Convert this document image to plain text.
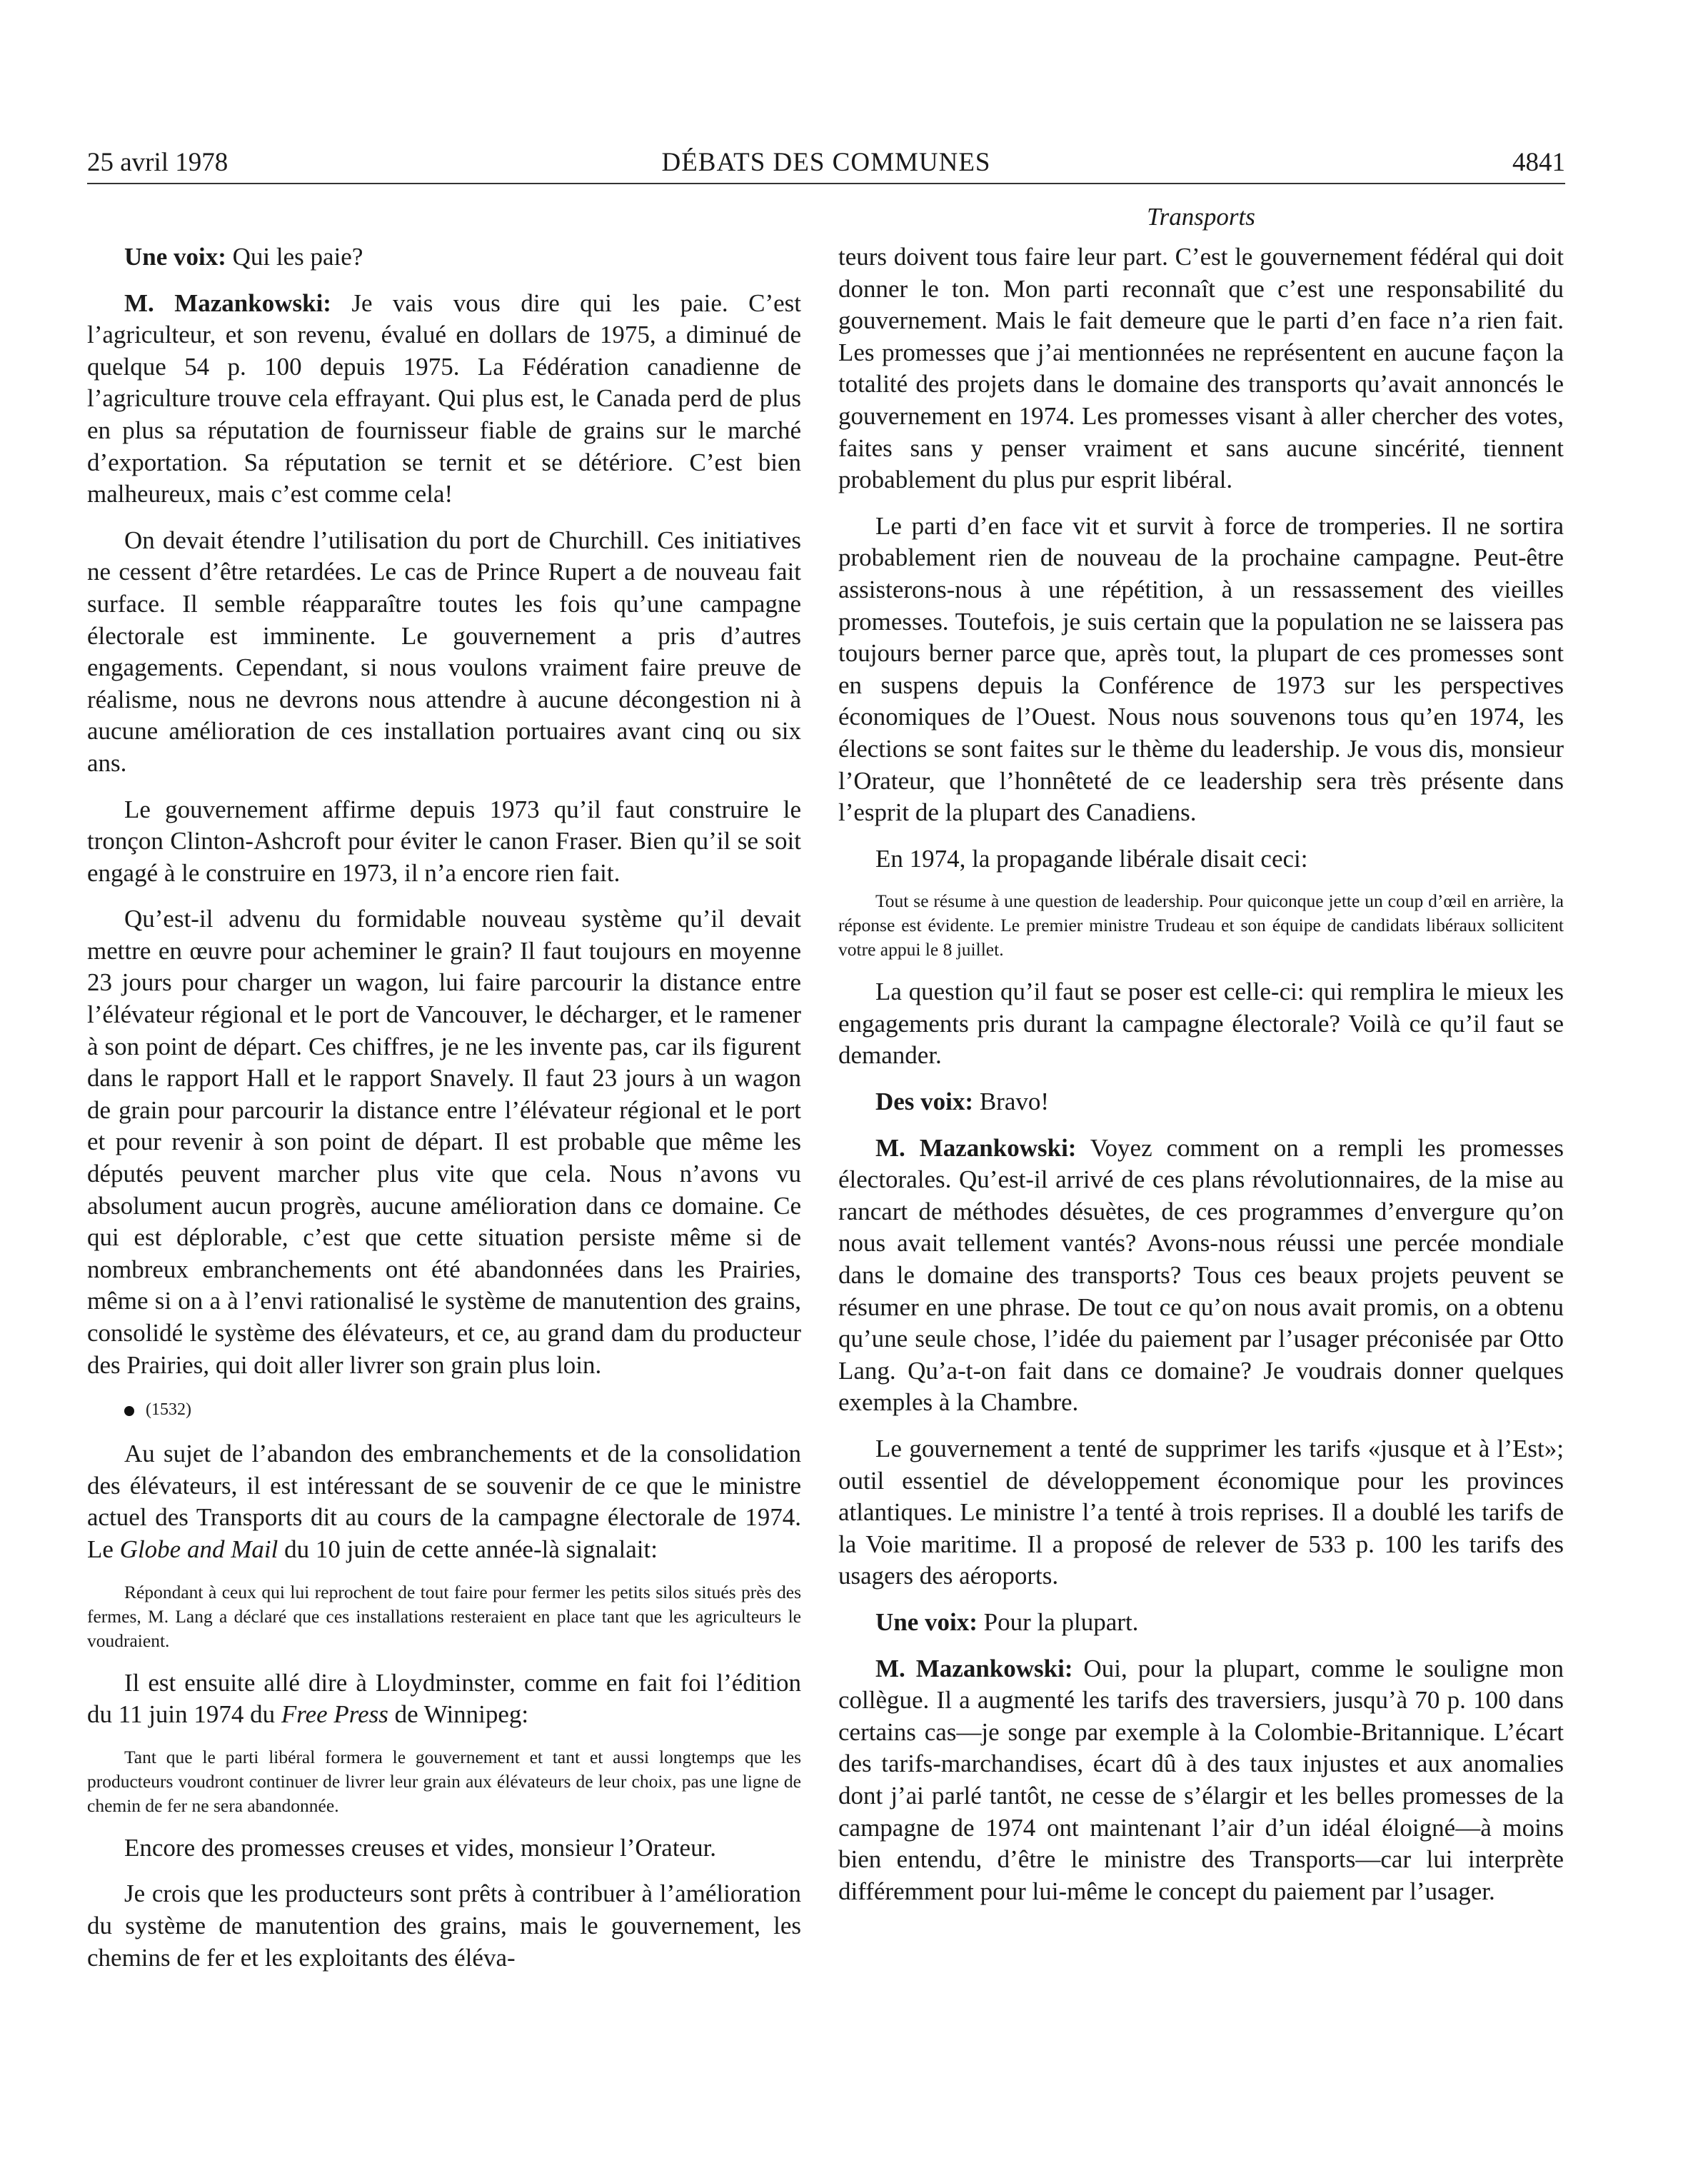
25 avril 1978	DÉBATS DES COMMUNES	4841
Transports

Une voix: Qui les paie?

M. Mazankowski: Je vais vous dire qui les paie. C’est l’agriculteur, et son revenu, évalué en dollars de 1975, a diminué de quelque 54 p. 100 depuis 1975. La Fédération canadienne de l’agriculture trouve cela effrayant. Qui plus est, le Canada perd de plus en plus sa réputation de fournisseur fiable de grains sur le marché d’exportation. Sa réputation se ternit et se détériore. C’est bien malheureux, mais c’est comme cela!

On devait étendre l’utilisation du port de Churchill. Ces initiatives ne cessent d’être retardées. Le cas de Prince Rupert a de nouveau fait surface. Il semble réapparaître toutes les fois qu’une campagne électorale est imminente. Le gouvernement a pris d’autres engagements. Cependant, si nous voulons vraiment faire preuve de réalisme, nous ne devrons nous attendre à aucune décongestion ni à aucune amélioration de ces installation portuaires avant cinq ou six ans.

Le gouvernement affirme depuis 1973 qu’il faut construire le tronçon Clinton-Ashcroft pour éviter le canon Fraser. Bien qu’il se soit engagé à le construire en 1973, il n’a encore rien fait.

Qu’est-il advenu du formidable nouveau système qu’il devait mettre en œuvre pour acheminer le grain? Il faut toujours en moyenne 23 jours pour charger un wagon, lui faire parcourir la distance entre l’élévateur régional et le port de Vancouver, le décharger, et le ramener à son point de départ. Ces chiffres, je ne les invente pas, car ils figurent dans le rapport Hall et le rapport Snavely. Il faut 23 jours à un wagon de grain pour parcourir la distance entre l’élévateur régional et le port et pour revenir à son point de départ. Il est probable que même les députés peuvent marcher plus vite que cela. Nous n’avons vu absolument aucun progrès, aucune amélioration dans ce domaine. Ce qui est déplorable, c’est que cette situation persiste même si de nombreux embranchements ont été abandonnées dans les Prairies, même si on a à l’envi rationalisé le système de manutention des grains, consolidé le système des élévateurs, et ce, au grand dam du producteur des Prairies, qui doit aller livrer son grain plus loin.

(1532)

Au sujet de l’abandon des embranchements et de la consolidation des élévateurs, il est intéressant de se souvenir de ce que le ministre actuel des Transports dit au cours de la campagne électorale de 1974. Le Globe and Mail du 10 juin de cette année-là signalait:

Répondant à ceux qui lui reprochent de tout faire pour fermer les petits silos situés près des fermes, M. Lang a déclaré que ces installations resteraient en place tant que les agriculteurs le voudraient.

Il est ensuite allé dire à Lloydminster, comme en fait foi l’édition du 11 juin 1974 du Free Press de Winnipeg:

Tant que le parti libéral formera le gouvernement et tant et aussi longtemps que les producteurs voudront continuer de livrer leur grain aux élévateurs de leur choix, pas une ligne de chemin de fer ne sera abandonnée.

Encore des promesses creuses et vides, monsieur l’Orateur.

Je crois que les producteurs sont prêts à contribuer à l’amélioration du système de manutention des grains, mais le gouvernement, les chemins de fer et les exploitants des éléva-

teurs doivent tous faire leur part. C’est le gouvernement fédéral qui doit donner le ton. Mon parti reconnaît que c’est une responsabilité du gouvernement. Mais le fait demeure que le parti d’en face n’a rien fait. Les promesses que j’ai mentionnées ne représentent en aucune façon la totalité des projets dans le domaine des transports qu’avait annoncés le gouvernement en 1974. Les promesses visant à aller chercher des votes, faites sans y penser vraiment et sans aucune sincérité, tiennent probablement du plus pur esprit libéral.

Le parti d’en face vit et survit à force de tromperies. Il ne sortira probablement rien de nouveau de la prochaine campagne. Peut-être assisterons-nous à une répétition, à un ressassement des vieilles promesses. Toutefois, je suis certain que la population ne se laissera pas toujours berner parce que, après tout, la plupart de ces promesses sont en suspens depuis la Conférence de 1973 sur les perspectives économiques de l’Ouest. Nous nous souvenons tous qu’en 1974, les élections se sont faites sur le thème du leadership. Je vous dis, monsieur l’Orateur, que l’honnêteté de ce leadership sera très présente dans l’esprit de la plupart des Canadiens.

En 1974, la propagande libérale disait ceci:

Tout se résume à une question de leadership. Pour quiconque jette un coup d’œil en arrière, la réponse est évidente. Le premier ministre Trudeau et son équipe de candidats libéraux sollicitent votre appui le 8 juillet.

La question qu’il faut se poser est celle-ci: qui remplira le mieux les engagements pris durant la campagne électorale? Voilà ce qu’il faut se demander.

Des voix: Bravo!

M. Mazankowski: Voyez comment on a rempli les promesses électorales. Qu’est-il arrivé de ces plans révolutionnaires, de la mise au rancart de méthodes désuètes, de ces programmes d’envergure qu’on nous avait tellement vantés? Avons-nous réussi une percée mondiale dans le domaine des transports? Tous ces beaux projets peuvent se résumer en une phrase. De tout ce qu’on nous avait promis, on a obtenu qu’une seule chose, l’idée du paiement par l’usager préconisée par Otto Lang. Qu’a-t-on fait dans ce domaine? Je voudrais donner quelques exemples à la Chambre.

Le gouvernement a tenté de supprimer les tarifs «jusque et à l’Est»; outil essentiel de développement économique pour les provinces atlantiques. Le ministre l’a tenté à trois reprises. Il a doublé les tarifs de la Voie maritime. Il a proposé de relever de 533 p. 100 les tarifs des usagers des aéroports.

Une voix: Pour la plupart.

M. Mazankowski: Oui, pour la plupart, comme le souligne mon collègue. Il a augmenté les tarifs des traversiers, jusqu’à 70 p. 100 dans certains cas—je songe par exemple à la Colombie-Britannique. L’écart des tarifs-marchandises, écart dû à des taux injustes et aux anomalies dont j’ai parlé tantôt, ne cesse de s’élargir et les belles promesses de la campagne de 1974 ont maintenant l’air d’un idéal éloigné—à moins bien entendu, d’être le ministre des Transports—car lui interprète différemment pour lui-même le concept du paiement par l’usager.
